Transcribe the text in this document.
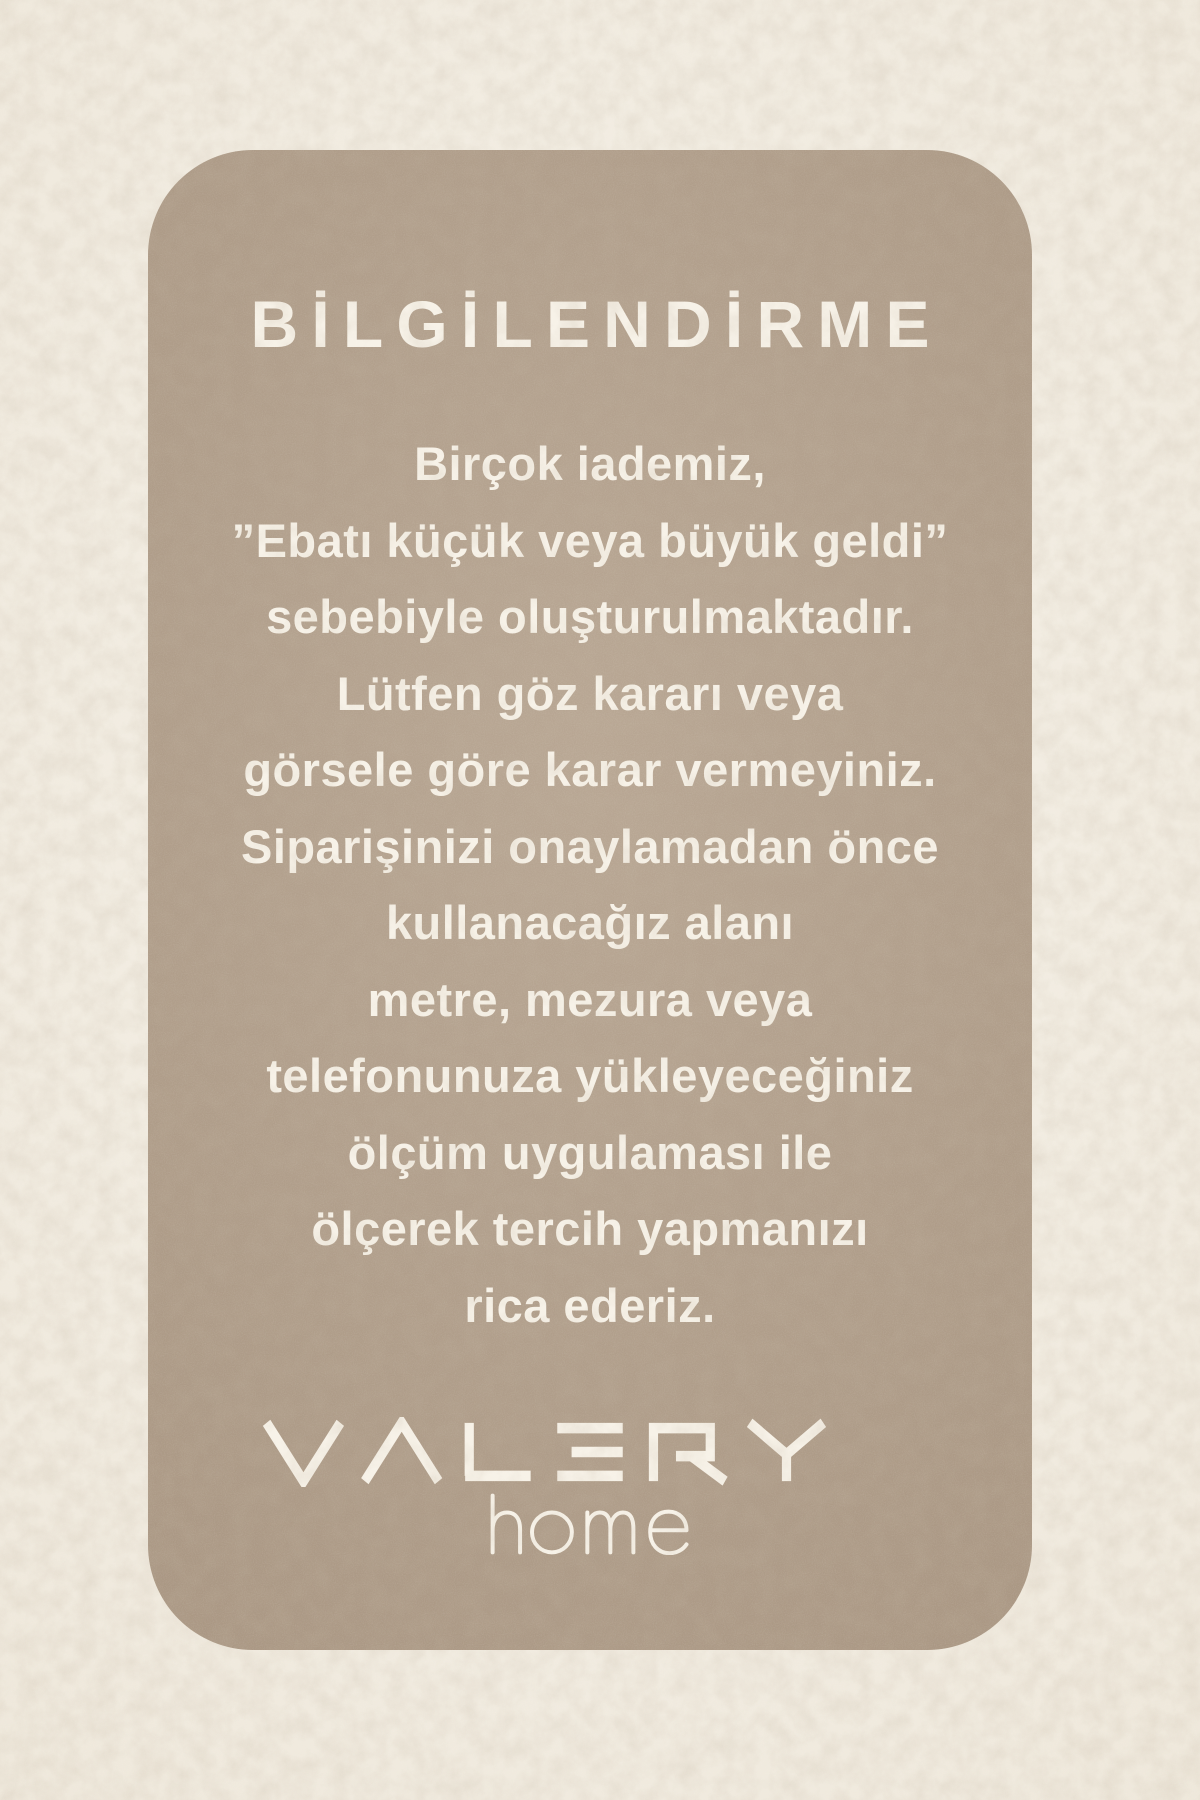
BİLGİLENDİRME
Birçok iademiz,
”Ebatı küçük veya büyük geldi”
sebebiyle oluşturulmaktadır.
Lütfen göz kararı veya
görsele göre karar vermeyiniz.
Siparişinizi onaylamadan önce
kullanacağız alanı
metre, mezura veya
telefonunuza yükleyeceğiniz
ölçüm uygulaması ile
ölçerek tercih yapmanızı
rica ederiz.
